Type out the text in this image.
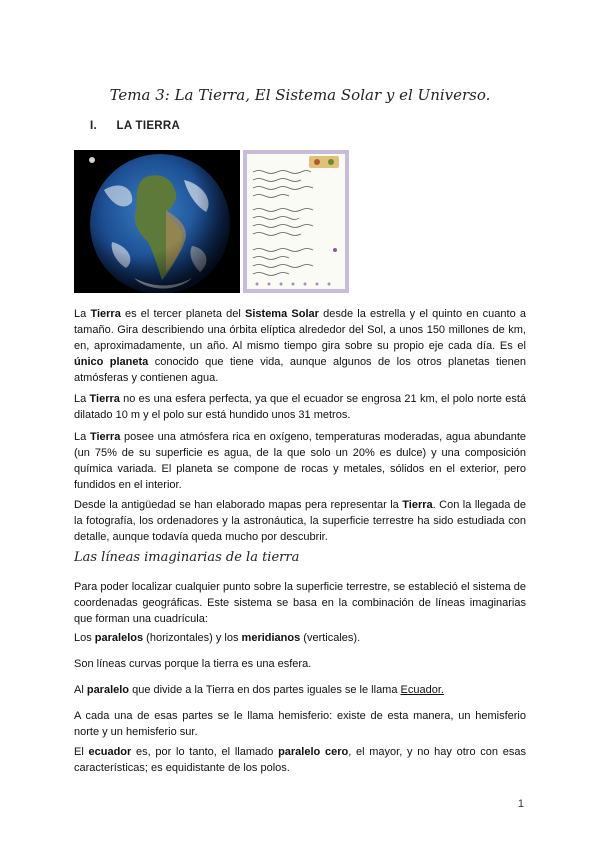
Tema 3: La Tierra, El Sistema Solar y el Universo.
I. LA TIERRA

La Tierra es el tercer planeta del Sistema Solar desde la estrella y el quinto en cuanto a tamaño. Gira describiendo una órbita elíptica alrededor del Sol, a unos 150 millones de km, en, aproximadamente, un año. Al mismo tiempo gira sobre su propio eje cada día. Es el único planeta conocido que tiene vida, aunque algunos de los otros planetas tienen atmósferas y contienen agua.

La Tierra no es una esfera perfecta, ya que el ecuador se engrosa 21 km, el polo norte está dilatado 10 m y el polo sur está hundido unos 31 metros.

La Tierra posee una atmósfera rica en oxígeno, temperaturas moderadas, agua abundante (un 75% de su superficie es agua, de la que solo un 20% es dulce) y una composición química variada. El planeta se compone de rocas y metales, sólidos en el exterior, pero fundidos en el interior.

Desde la antigüedad se han elaborado mapas pera representar la Tierra. Con la llegada de la fotografía, los ordenadores y la astronáutica, la superficie terrestre ha sido estudiada con detalle, aunque todavía queda mucho por descubrir.

Las líneas imaginarias de la tierra

Para poder localizar cualquier punto sobre la superficie terrestre, se estableció el sistema de coordenadas geográficas. Este sistema se basa en la combinación de líneas imaginarias que forman una cuadrícula:

Los paralelos (horizontales) y los meridianos (verticales).

Son líneas curvas porque la tierra es una esfera.

Al paralelo que divide a la Tierra en dos partes iguales se le llama Ecuador.

A cada una de esas partes se le llama hemisferio: existe de esta manera, un hemisferio norte y un hemisferio sur.

El ecuador es, por lo tanto, el llamado paralelo cero, el mayor, y no hay otro con esas características; es equidistante de los polos.

1
